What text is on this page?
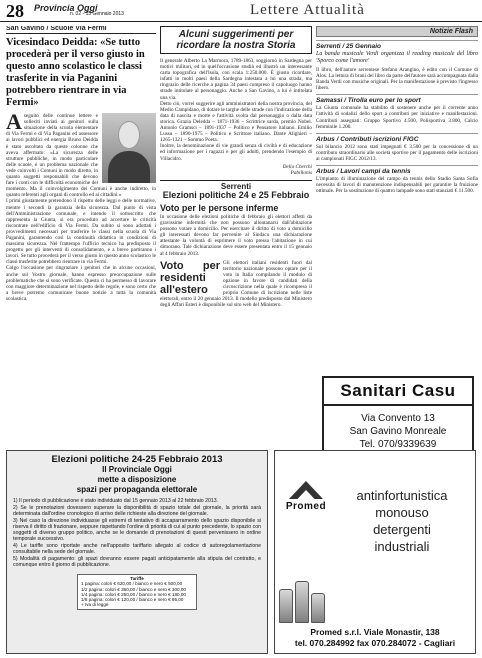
28 Provincia Oggi
n. 02 - 15 Gennaio 2013	Lettere Attualità
San Gavino / Scuole Via Fermi
Vicesindaco Deidda: «Se tutto procederà per il verso giusto in questo anno scolastico le classi trasferite in via Paganini potrebbero rientrare in via Fermi»

Aseguito delle continue lettere e solleciti inviati ai genitori sulla situazione della scuola elementare di Via Fermi e di Via Paganini ed assessore ai lavori pubblici ed energia Bruno Deidda è stato ascoltato da queste colonne che aveva affermato: «La sicurezza delle strutture pubbliche, in modo particolare delle scuole, è un problema nazionale che vede coinvolti i Comuni in modo diretto, in quanto soggetti responsabili che devono fare i conti con le difficoltà economiche del momento. Ma il coinvolgimento dei Comuni è anche indiretto, in quanto referenti agli organi di controllo ed ai cittadini.»

I primi giustamente pretendono il rispetto delle leggi e delle normative, mentre i secondi la garanzia della sicurezza. Dal punto di vista dell'Amministrazione comunale, e intendo il sottoscritto che rappresenta la Giunta, si era proceduto ad accertare le criticità riscontrate nell'edificio di Via Fermi. Da subito si sono adottati i provvedimenti necessari per trasferire le classi nella scuola di Via Paganini, garantendo così la continuità didattica in condizioni di massima sicurezza. Nel frattempo l'ufficio tecnico ha predisposto il progetto per gli interventi di consolidamento, e a breve partiranno i lavori. Se tutto procederà per il verso giusto in questo anno scolastico le classi trasferite potrebbero rientrare in via Fermi.

Colgo l'occasione per ringraziare i genitori che in alcune occasioni, anche sul Vostro giornale, hanno espresso preoccupazione sulle problematiche che si sono verificate. Questo ci ha permesso di lavorare con maggiore determinazione nel rispetto delle regole, e sono certo che a breve potremo comunicare buone notizie a tutta la comunità scolastica.

Alcuni suggerimenti per ricordare la nostra Storia

Il generale Alberto La Marmora, 1789-1863, soggiornò in Sardegna per motivi militari, ed in quell'occasione studiò ed illustrò un interessante carta topografica dell'Isola, con scala 1:250.000. È giusto ricordare, infatti in molti paesi della Sardegna intestata a lui una strada, ma ringrazio delle ricerche a pagina 34 paesi compreso il capoluogo hanno strade intitolate al personaggio. Anche a San Gavino, a lui è intitolata una via.

Detto ciò, vorrei suggerire agli amministratori della nostra provincia, del Medio Campidano, di dotare le targhe delle strade con l'indicazione della data di nascita e morte e l'attività svolta dal personaggio o dalla data storica. Grazia Deledda – 1871-1936 – Scrittrice sarda, premio Nobel. Antonio Gramsci – 1891-1937 – Politico e Pensatore italiano. Emilio Lussu – 1890-1975 – Politico e Scrittore italiano. Dante Alighieri – 1265-1321 – Sommo Poeta.

Inoltre, la denominazione di vie grandi senza di civiltà e di educazione ed informazione per i ragazzi e per gli adulti, prendendo l'esempio di Villacidro.

Delio Cherchi
Pabillonis
Serrenti
Elezioni politiche 24 e 25 Febbraio
Voto per le persone inferme

In occasione delle elezioni politiche di febbraio gli elettori affetti da gravissime infermità che non possono allontanarsi dall'abitazione possono votare a domicilio. Per esercitare il diritto di voto a domicilio gli interessati devono far pervenire al Sindaco una dichiarazione attestante la volontà di esprimere il voto presso l'abitazione in cui dimorano. Tale dichiarazione deve essere presentata entro il 15 gennaio al 4 febbraio 2013.

Voto per residenti all'estero
Gli elettori italiani residenti fuori dal territorio nazionale possono optare per il voto in Italia compilando il modulo di opzione in favore di candidati della circoscrizione nella quale è ricompreso il proprio Comune di iscrizione nelle liste elettorali, entro il 20 gennaio 2013. Il modello predisposto dal Ministero degli Affari Esteri è disponibile sul sito web del Ministero.
Notizie Flash
Serrenti / 25 Gennaio
La banda musicale Verdi organizza il reading musicale del libro 'Sporco come l'amore'

Il libro, dell'autore serrentese Stefano Arangino, è edito con il Comune di Alos. La lettura di brani del libro da parte dell'autore sarà accompagnata dalla Banda Verdi con musiche originali. Per la manifestazione è previsto l'ingresso libero.

Samassi / Tirolla euro per lo sport

La Giunta comunale ha stabilito di sostenere anche per il corrente anno l'attività di sodalizi dello sport a contributi per iniziative e manifestazioni. Contributi assegnati: Gruppo Sportivo 4.500, Polisportiva 3.800, Calcio femminile 1.200.

Arbus / Contributi iscrizioni FIGC

Sul bilancio 2012 sono stati impegnati € 3.500 per la concessione di un contributo straordinario alle società sportive per il pagamento delle iscrizioni ai campionati FIGC 2012/13.

Arbus / Lavori campi da tennis

L'impianto di illuminazione del campo da tennis dello Stadio Santa Sofia necessita di lavori di manutenzione indispensabili per garantire la fruizione ottimale. Per la sostituzione di quattro lampade sono stati stanziati € 11.500.

Sanitari Casu
Via Convento 13
San Gavino Monreale
Tel. 070/9339639
Elezioni politiche 24-25 Febbraio 2013
Il Provinciale Oggi
mette a disposizione
spazi per propaganda elettorale

1) Il periodo di pubblicazione è stato individuato dal 15 gennaio 2013 al 22 febbraio 2013.

2) Se le prenotazioni dovessero superare la disponibilità di spazio totale del giornale, la priorità sarà determinata dall'ordine cronologico di arrivo delle richieste alla direzione del giornale.

3) Nel caso la direzione individuasse gli estremi di tentativo di accaparramento dello spazio disponibile si riserva il diritto di frazionare, seppure rispettando l'ordine di priorità di cui al punto precedente, lo spazio con soggetti di diverso gruppo politico, anche se le domande di prenotazioni di questi pervenissero in ordine temporale successivo.

4) Le tariffe sono riportate anche nell'apposito tariffario allegato al codice di autoregolamentazione consultabile nella sede del giornale.

5) Modalità di pagamento: gli spazi dovranno essere pagati anticipatamente alla stipula del contratto, e comunque entro il giorno di pubblicazione.

Tariffe
1 pagina: colori € 620,00 / bianco e nero € 500,00
1/2 pagina: colori € 360,00 / bianco e nero € 300,00
1/4 pagina: colori € 250,00 / bianco e nero € 180,00
1/8 pagina: colori € 120,00 / bianco e nero € 95,00
+ Iva di legge
Promed
antinfortunistica
monouso
detergenti
industriali
Promed s.r.l. Viale Monastir, 138
tel. 070.284992 fax 070.284072 - Cagliari
